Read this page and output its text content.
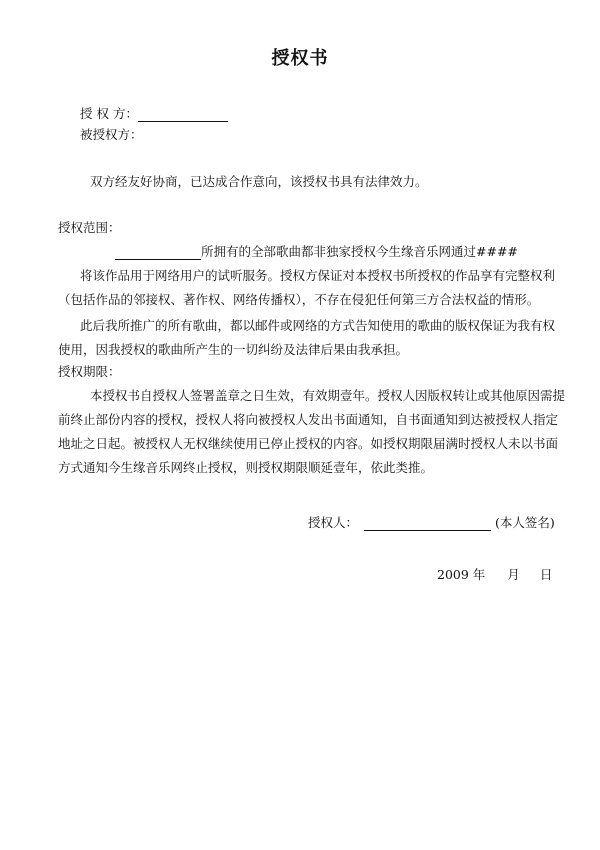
授权书
授 权 方：
被授权方：
双方经友好协商，已达成合作意向，该授权书具有法律效力。
授权范围：
所拥有的全部歌曲都非独家授权今生缘音乐网通过####
将该作品用于网络用户的试听服务。授权方保证对本授权书所授权的作品享有完整权利
（包括作品的邻接权、著作权、网络传播权），不存在侵犯任何第三方合法权益的情形。
此后我所推广的所有歌曲，都以邮件或网络的方式告知使用的歌曲的版权保证为我有权
使用，因我授权的歌曲所产生的一切纠纷及法律后果由我承担。
授权期限：
本授权书自授权人签署盖章之日生效，有效期壹年。授权人因版权转让或其他原因需提
前终止部份内容的授权，授权人将向被授权人发出书面通知，自书面通知到达被授权人指定
地址之日起。被授权人无权继续使用已停止授权的内容。如授权期限届满时授权人未以书面
方式通知今生缘音乐网终止授权，则授权期限顺延壹年，依此类推。
授权人：	(本人签名)
2009 年 月 日
